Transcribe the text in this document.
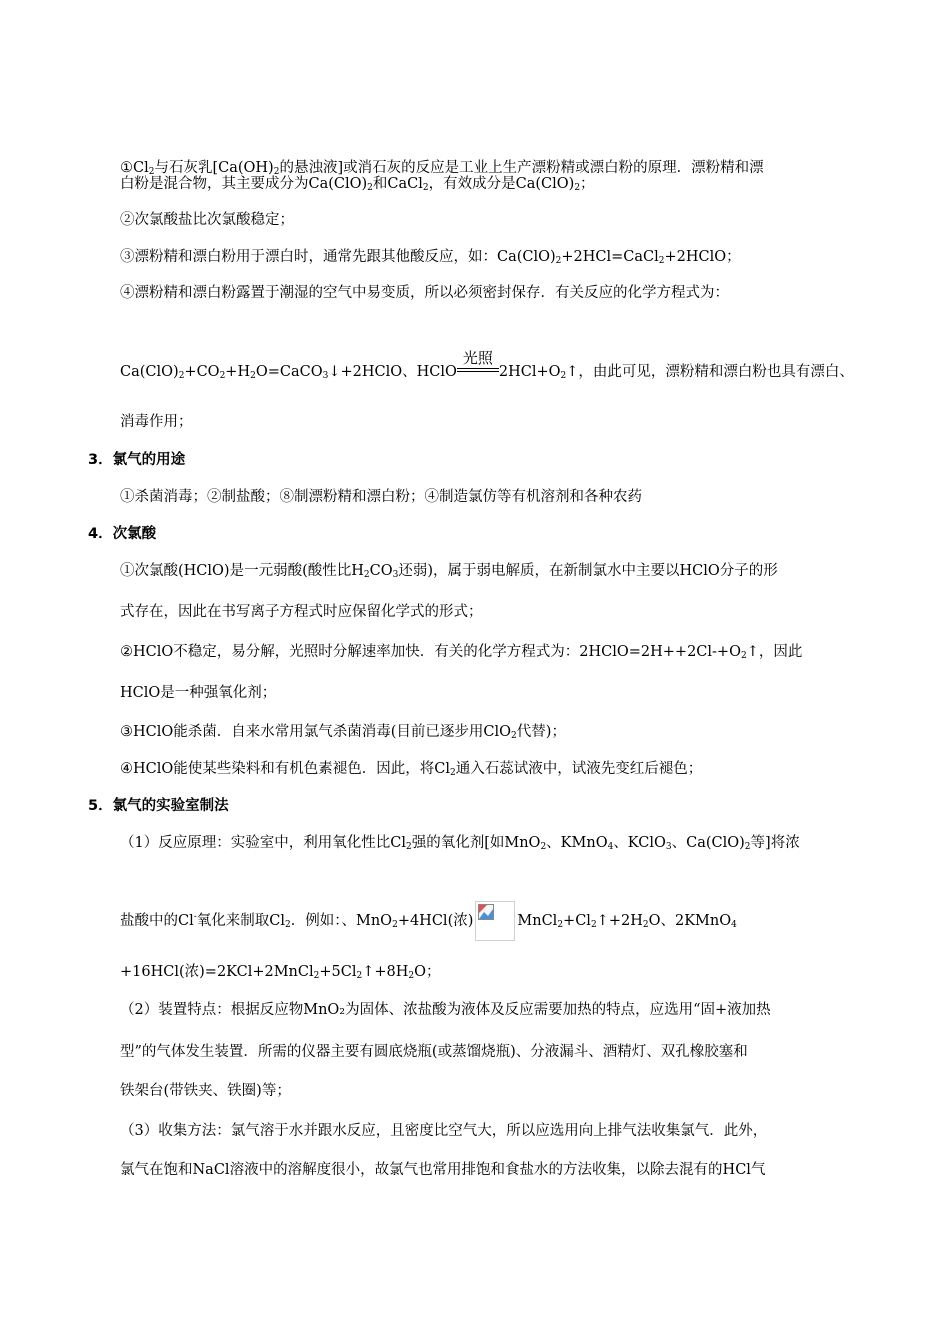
$①Cl_2$与石灰乳[$Ca(OH)_2$的悬浊液]或消石灰的反应是工业上生产漂粉精或漂白粉的原理．漂粉精和漂
白粉是混合物，其主要成分为$Ca(ClO)_2$和CaCl$_2$，有效成分是$Ca(ClO)_2$；
②次氯酸盐比次氯酸稳定；
③漂粉精和漂白粉用于漂白时，通常先跟其他酸反应，如：$Ca(ClO)_2+2HCl=CaCl_2+2HClO$；
④漂粉精和漂白粉露置于潮湿的空气中易变质，所以必须密封保存．有关反应的化学方程式为：
$Ca(ClO)_2+CO_2+H_2O=CaCO_3↓+2HClO$、HClO
光照
$2HCl+O_2↑$，由此可见，漂粉精和漂白粉也具有漂白、
消毒作用；
3．氯气的用途
①杀菌消毒；②制盐酸；⑧制漂粉精和漂白粉；④制造氯仿等有机溶剂和各种农药
4．次氯酸
①次氯酸(HClO)是一元弱酸(酸性比$H_2CO_3$还弱)，属于弱电解质，在新制氯水中主要以HClO分子的形
式存在，因此在书写离子方程式时应保留化学式的形式；
②HClO不稳定，易分解，光照时分解速率加快．有关的化学方程式为：$2HClO=2H++2Cl-+O_2↑$，因此
HClO是一种强氧化剂；
③HClO能杀菌．自来水常用氯气杀菌消毒(目前已逐步用ClO$_2$代替)；
④HClO能使某些染料和有机色素褪色．因此，将$Cl_2$通入石蕊试液中，试液先变红后褪色；
5．氯气的实验室制法
（1）反应原理：实验室中，利用氧化性比$Cl_2$强的氧化剂[如MnO$_2$、KMnO$_4$、KClO$_3$、$Ca(ClO)_2$等]将浓
盐酸中的Cl-氧化来制取$Cl_2$．例如：、MnO$_2$+4HCl(浓)	$MnCl_2+Cl_2↑+2H_2O$、2KMnO$_4$
+16HCl(浓)$=2KCl+2MnCl_2+5Cl_2↑+8H_2O$；
（2）装置特点：根据反应物MnO₂为固体、浓盐酸为液体及反应需要加热的特点，应选用“固+液加热
型”的气体发生装置．所需的仪器主要有圆底烧瓶(或蒸馏烧瓶)、分液漏斗、酒精灯、双孔橡胶塞和
铁架台(带铁夹、铁圈)等；
（3）收集方法：氯气溶于水并跟水反应，且密度比空气大，所以应选用向上排气法收集氯气．此外，
氯气在饱和NaCl溶液中的溶解度很小，故氯气也常用排饱和食盐水的方法收集，以除去混有的HCl气
